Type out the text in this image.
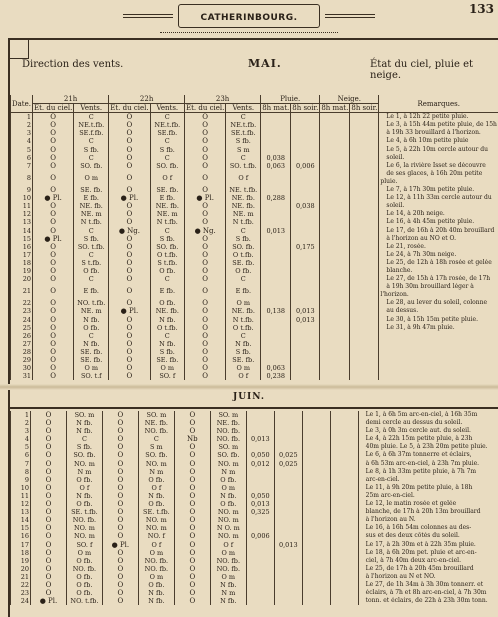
CATHERINBOURG.
133
Direction des vents.	MAI.	État du ciel, pluie et neige.
Date.	21h		22h		23h		Pluie.		Neige.		Remarques.
	Ét. du ciel.	Vents.	Ét. du ciel.	Vents.	Ét. du ciel.	Vents.	8h mat.	8h soir.	8h mat.	8h soir.	
1	O	C	O	C	O	C					Le 1, à 12h 22 petite pluie.
2	O	NE.t.fb.	O	NE.t.fb.	O	NE.t.fb.					Le 3, à 15h 44m petite pluie, de 15h
3	O	SE.f.fb.	O	SE.fb.	O	SE.t.fb.					à 19h 33 brouillard à l'horizon.
4	O	C	O	C	O	S fb.					Le 4, à 6h 10m petite pluie
5	O	S fb.	O	S fb.	O	S m					Le 5, à 22h 10m cercle autour du
6	O	C	O	C	O	C	0,038				soleil.
7	O	SO. fb.	O	SO. fb.	O	SO. t.fb.	0,063	0,006			Le 6, la rivière Isset se découvre
8	O	O m	O	O f	O	O f					de ses glaces, à 16h 20m petite pluie.
9	O	SE. fb.	O	SE. fb.	O	NE. t.fb.					Le 7, à 17h 30m petite pluie.
10	● Pl.	E fb.	● Pl.	E fb.	● Pl.	NE. fb.	0,288				Le 12, à 11h 33m cercle autour du
11	O	NE. fb.	O	NE. fb.	O	NE. fb.		0,038			soleil.
12	O	NE. m	O	NE. m	O	NE. m					Le 14, à 20h neige.
13	O	N t.fb.	O	N t.fb.	O	N t.fb.					Le 16, à 4h 45m petite pluie.
14	O	C	● Ng.	C	● Ng.	C	0,013				Le 17, de 16h à 20h 40m brouillard
15	● Pl.	S fb.	O	S fb.	O	S fb.					à l'horizon au NO et O.
16	O	SO. t.fb.	O	SO. fb.	O	SO. fb.		0,175			Le 21, rosée.
17	O	C	O	O t.fb.	O	O t.fb.					Le 24, à 7h 30m neige.
18	O	S t.fb.	O	S t.fb.	O	SE. fb.					Le 25, de 12h à 18h rosée et gelée
19	O	O fb.	O	O fb.	O	O fb.					blanche.
20	O	C	O	C	O	C					Le 27, de 15h à 17h rosée, de 17h
21	O	E fb.	O	E fb.	O	E fb.					à 19h 30m brouillard léger à l'horizon.
22	O	NO. t.fb.	O	O fb.	O	O m					Le 28, au lever du soleil, colonne
23	O	NE. m	● Pl.	NE. fb.	O	NE. fb.	0,138	0,013			au dessus.
24	O	N fb.	O	N fb.	O	N t.fb.		0,013			Le 30, à 15h 15m petite pluie.
25	O	O fb.	O	O t.fb.	O	O t.fb.					Le 31, à 9h 47m pluie.
26	O	C	O	C	O	C					
27	O	N fb.	O	N fb.	O	N fb.					
28	O	SE. fb.	O	S fb.	O	S fb.					
29	O	SE. fb.	O	SE. fb.	O	SE. fb.					
30	O	O m	O	O m	O	O m	0,063				
31	O	SO. t.f	O	SO. f	O	O f	0,238				
JUIN.
1	O	SO. m	O	SO. m	O	SO. m					Le 1, à 6h 5m arc-en-ciel, à 16h 35m
2	O	N fb.	O	NE. fb.	O	NE. fb.					demi cercle au dessus du soleil.
3	O	N fb.	O	NO. fb.	O	NO. fb.					Le 3, à 0h 3m cercle aut. du soleil.
4	O	C	O	C	Nb	NO. fb.	0,013				Le 4, à 22h 15m petite pluie, à 23h
5	O	S fb.	O	S m	O	SO. m					40m pluie. Le 5, à 23h 20m petite pluie.
6	O	SO. fb.	O	SO. fb.	O	SO. fb.	0,050	0,025			Le 6, à 6h 37m tonnerre et éclairs,
7	O	NO. m	O	NO. m	O	NO. m	0,012	0,025			à 6h 53m arc-en-ciel, à 23h 7m pluie.
8	O	N m	O	N m	O	N m					Le 8, à 1h 33m petite pluie, à 7h 7m
9	O	O fb.	O	O fb.	O	O fb.					arc-en-ciel.
10	O	O f	O	O f	O	O m					Le 11, à 9h 20m petite pluie, à 18h
11	O	N fb.	O	N fb.	O	N fb.	0,050				25m arc-en-ciel.
12	O	O fb.	O	O fb.	O	O fb.	0,013				Le 12, le matin rosée et gelée
13	O	SE. t.fb.	O	SE. t.fb.	O	NO. m	0,325				blanche, de 17h à 20h 13m brouillard
14	O	NO. fb.	O	NO. m	O	NO. m					à l'horizon au N.
15	O	NO. m	O	NO. m	O	N O. m					Le 16, à 16h 54m colonnes au des-
16	O	NO. m	O	NO. f	O	NO. m	0,006				sus et des deux côtés du soleil.
17	O	SO. f	● Pl.	O f	O	O f		0,013			Le 17, à 2h 30m et à 22h 35m pluie.
18	O	O m	O	O m	O	O m					Le 18, à 6h 20m pet. pluie et arc-en-
19	O	O fb.	O	NO. fb.	O	NO. fb.					ciel, à 7h 40m deux arc-en-ciel.
20	O	NO. fb.	O	NO. fb.	O	NO. fb.					Le 25, de 17h à 20h 45m brouillard
21	O	O fb.	O	O m	O	O m					à l'horizon au N et NO.
22	O	O fb.	O	O fb.	O	N fb.					Le 27, de 1h 34m à 3h 30m tonnerr. et
23	O	O fb.	O	N fb.	O	N m					éclairs, à 7h et 8h arc-en-ciel, à 7h 30m
24	● Pl.	NO. t.fb.	O	N fb.	O	N fb.					tonn. et éclairs, de 22h à 23h 30m tonn.
